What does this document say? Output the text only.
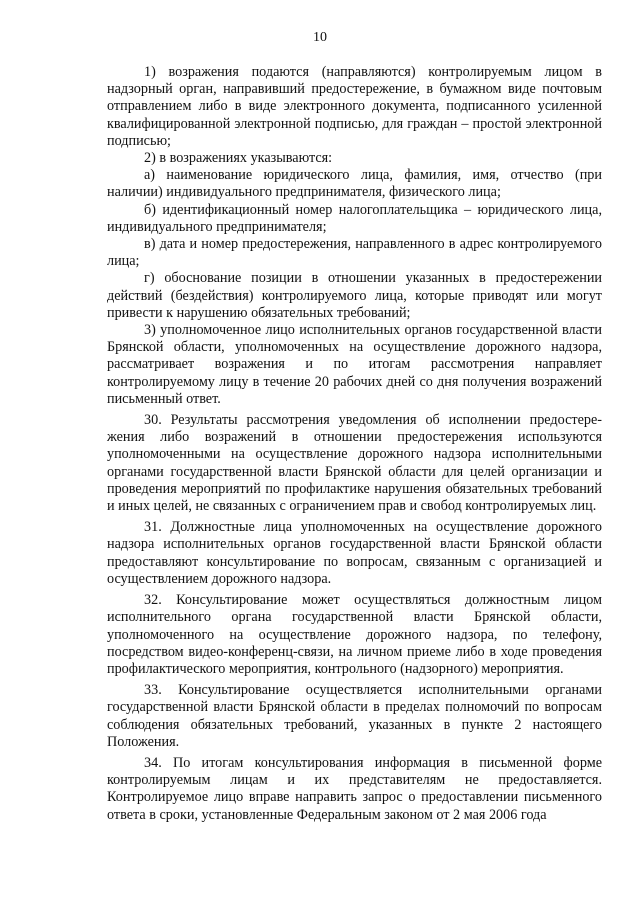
10

1) возражения подаются (направляются) контролируемым лицом в надзорный орган, направивший предостережение, в бумажном виде почтовым отправлением либо в виде электронного документа, подписанного усиленной квалифицированной электронной подписью, для граждан – простой электронной подписью;

2) в возражениях указываются:

а) наименование юридического лица, фамилия, имя, отчество (при наличии) индивидуального предпринимателя, физического лица;

б) идентификационный номер налогоплательщика – юридического лица, индивидуального предпринимателя;

в) дата и номер предостережения, направленного в адрес контролируемого лица;

г) обоснование позиции в отношении указанных в предостережении действий (бездействия) контролируемого лица, которые приводят или могут привести к нарушению обязательных требований;

3) уполномоченное лицо исполнительных органов государственной власти Брянской области, уполномоченных на осуществление дорожного надзора, рассматривает возражения и по итогам рассмотрения направляет контролируемому лицу в течение 20 рабочих дней со дня получения возражений письменный ответ.

30. Результаты рассмотрения уведомления об исполнении предостережения либо возражений в отношении предостережения используются уполномоченными на осуществление дорожного надзора исполнительными органами государственной власти Брянской области для целей организации и проведения мероприятий по профилактике нарушения обязательных требований и иных целей, не связанных с ограничением прав и свобод контролируемых лиц.

31. Должностные лица уполномоченных на осуществление дорожного надзора исполнительных органов государственной власти Брянской области предоставляют консультирование по вопросам, связанным с организацией и осуществлением дорожного надзора.

32. Консультирование может осуществляться должностным лицом исполнительного органа государственной власти Брянской области, уполномоченного на осуществление дорожного надзора, по телефону, посредством видео-конференц-связи, на личном приеме либо в ходе проведения профилактического мероприятия, контрольного (надзорного) мероприятия.

33. Консультирование осуществляется исполнительными органами государственной власти Брянской области в пределах полномочий по вопросам соблюдения обязательных требований, указанных в пункте 2 настоящего Положения.

34. По итогам консультирования информация в письменной форме контролируемым лицам и их представителям не предоставляется. Контролируемое лицо вправе направить запрос о предоставлении письменного ответа в сроки, установленные Федеральным законом от 2 мая 2006 года
